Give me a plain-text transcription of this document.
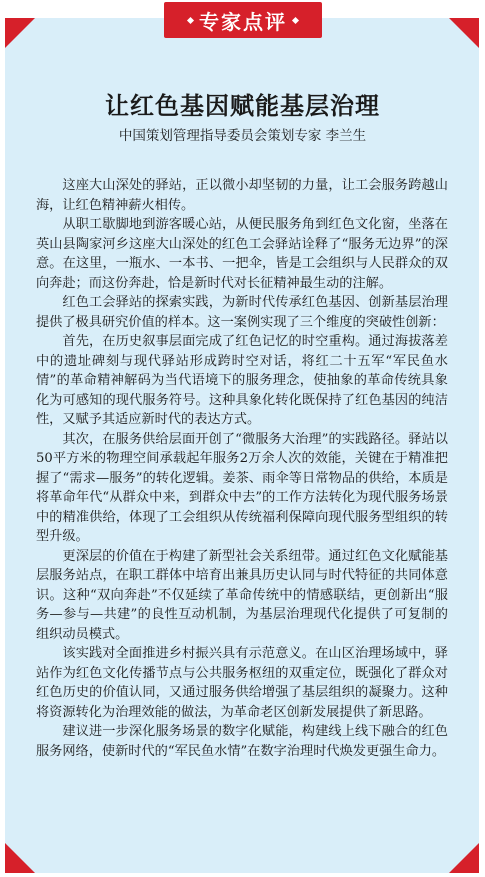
专家点评
让红色基因赋能基层治理
中国策划管理指导委员会策划专家 李兰生

这座大山深处的驿站，正以微小却坚韧的力量，让工会服务跨越山海，让红色精神薪火相传。

从职工歇脚地到游客暖心站，从便民服务角到红色文化窗，坐落在英山县陶家河乡这座大山深处的红色工会驿站诠释了“服务无边界”的深意。在这里，一瓶水、一本书、一把伞，皆是工会组织与人民群众的双向奔赴；而这份奔赴，恰是新时代对长征精神最生动的注解。

红色工会驿站的探索实践，为新时代传承红色基因、创新基层治理提供了极具研究价值的样本。这一案例实现了三个维度的突破性创新：

首先，在历史叙事层面完成了红色记忆的时空重构。通过海拔落差中的遗址碑刻与现代驿站形成跨时空对话，将红二十五军“军民鱼水情”的革命精神解码为当代语境下的服务理念，使抽象的革命传统具象化为可感知的现代服务符号。这种具象化转化既保持了红色基因的纯洁性，又赋予其适应新时代的表达方式。

其次，在服务供给层面开创了“微服务大治理”的实践路径。驿站以50平方米的物理空间承载起年服务2万余人次的效能，关键在于精准把握了“需求—服务”的转化逻辑。姜茶、雨伞等日常物品的供给，本质是将革命年代“从群众中来，到群众中去”的工作方法转化为现代服务场景中的精准供给，体现了工会组织从传统福利保障向现代服务型组织的转型升级。

更深层的价值在于构建了新型社会关系纽带。通过红色文化赋能基层服务站点，在职工群体中培育出兼具历史认同与时代特征的共同体意识。这种“双向奔赴”不仅延续了革命传统中的情感联结，更创新出“服务—参与—共建”的良性互动机制，为基层治理现代化提供了可复制的组织动员模式。

该实践对全面推进乡村振兴具有示范意义。在山区治理场域中，驿站作为红色文化传播节点与公共服务枢纽的双重定位，既强化了群众对红色历史的价值认同，又通过服务供给增强了基层组织的凝聚力。这种将资源转化为治理效能的做法，为革命老区创新发展提供了新思路。

建议进一步深化服务场景的数字化赋能，构建线上线下融合的红色服务网络，使新时代的“军民鱼水情”在数字治理时代焕发更强生命力。
